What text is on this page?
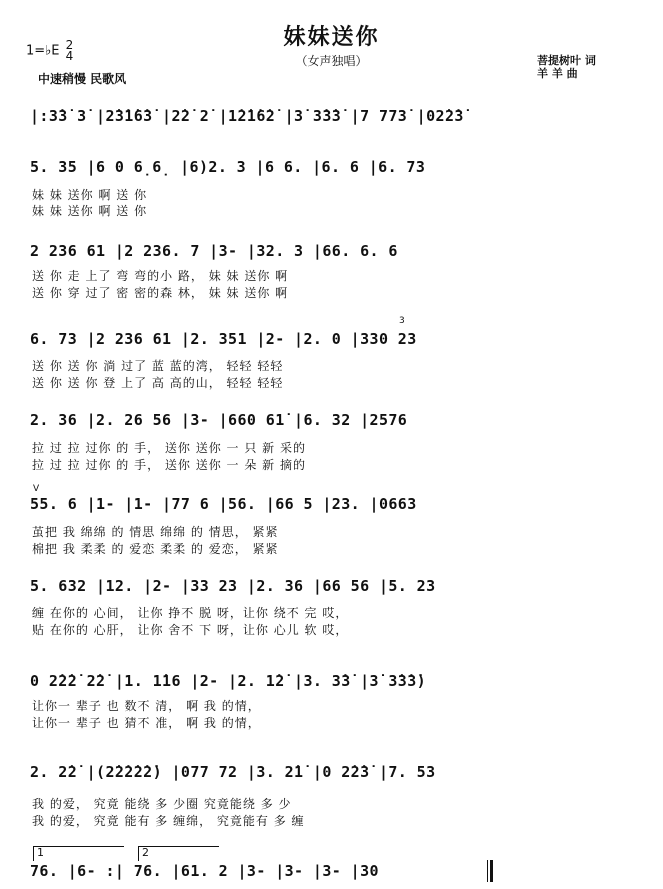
妹妹送你
（女声独唱）
1=♭E 2
4
中速稍慢 民歌风
菩提树叶 词
羊 羊 曲
|:3̇3̇ 3̇ |2̇3̇1̇6̇3̇ |2̇2̇ 2̇ |1̇2̇1̇6̇2̇ |3̇ 3̇3̇3̇ |7 773̇ |02̇2̇3̇
5. 35 |6 0 6̣6̣ |6)2. 3 |6 6. |6. 6 |6. 73
妹 妹 送你 啊 送 你
妹 妹 送你 啊 送 你
2 236 61 |2 236. 7 |3- |32. 3 |66. 6. 6
送 你 走 上了 弯 弯的小 路， 妹 妹 送你 啊
送 你 穿 过了 密 密的森 林， 妹 妹 送你 啊
3
6. 73 |2 236 61 |2. 351 |2- |2. 0 |330 23
送 你 送 你 淌 过了 蓝 蓝的湾， 轻轻 轻轻
送 你 送 你 登 上了 高 高的山， 轻轻 轻轻
2. 36 |2. 26 56 |3- |660 61̇ |6. 32 |2576
拉 过 拉 过你 的 手， 送你 送你 一 只 新 采的
拉 过 拉 过你 的 手， 送你 送你 一 朵 新 摘的
V
55. 6 |1- |1- |77 6 |56. |66 5 |23. |0663
茧把 我 绵绵 的 情思 绵绵 的 情思， 紧紧
棉把 我 柔柔 的 爱恋 柔柔 的 爱恋， 紧紧
5. 632 |12. |2- |33 23 |2. 36 |66 56 |5. 23
缠 在你的 心间， 让你 挣不 脱 呀，让你 绕不 完 哎，
贴 在你的 心肝， 让你 舍不 下 呀，让你 心儿 软 哎，
0 2̇2̇2̇ 2̇2̇ |1. 1̇16 |2- |2. 1̇2̇ |3. 3̇3̇ |3̇ 3̇3̇3̇)
让你一 辈子 也 数不 清， 啊 我 的情，
让你一 辈子 也 猜不 准， 啊 我 的情，
2. 2̇2̇ |(2̇2̇2̇2̇2̇) |077 72 |3. 2̇1̇ |0 2̇2̇3̇ |7. 53
我 的爱， 究竟 能绕 多 少圈 究竟能绕 多 少
我 的爱， 究竟 能有 多 缠绵， 究竟能有 多 缠
1	2
76. |6- :| 76. |61. 2 |3- |3- |3- |30
